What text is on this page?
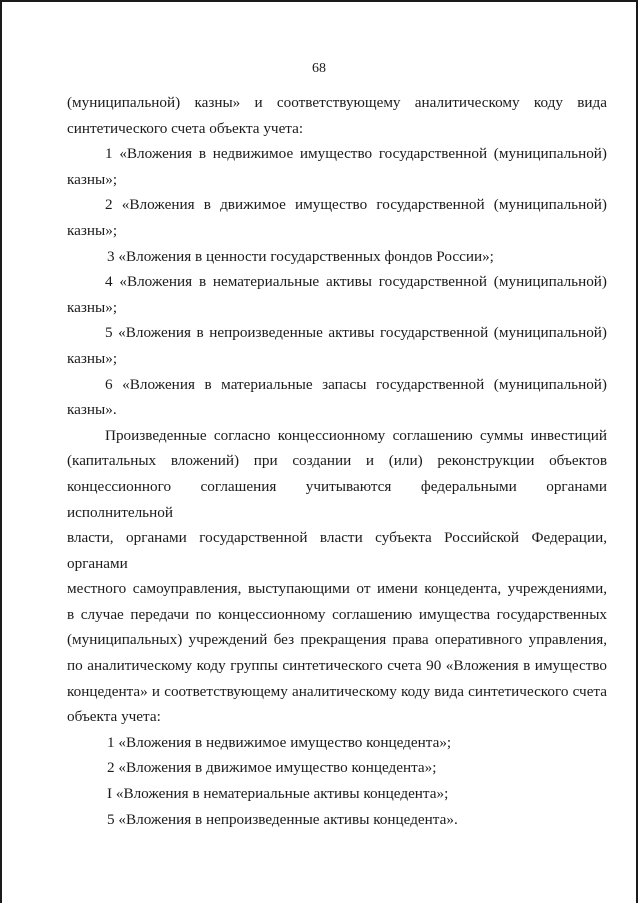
68

(муниципальной) казны» и соответствующему аналитическому коду вида

синтетического счета объекта учета:

1 «Вложения в недвижимое имущество государственной (муниципальной)

казны»;

2 «Вложения в движимое имущество государственной (муниципальной)

казны»;

3 «Вложения в ценности государственных фондов России»;

4 «Вложения в нематериальные активы государственной (муниципальной)

казны»;

5 «Вложения в непроизведенные активы государственной (муниципальной)

казны»;

6 «Вложения в материальные запасы государственной (муниципальной)

казны».

Произведенные согласно концессионному соглашению суммы инвестиций

(капитальных вложений) при создании и (или) реконструкции объектов

концессионного соглашения учитываются федеральными органами исполнительной

власти, органами государственной власти субъекта Российской Федерации, органами

местного самоуправления, выступающими от имени концедента, учреждениями,

в случае передачи по концессионному соглашению имущества государственных

(муниципальных) учреждений без прекращения права оперативного управления,

по аналитическому коду группы синтетического счета 90 «Вложения в имущество

концедента» и соответствующему аналитическому коду вида синтетического счета

объекта учета:

1 «Вложения в недвижимое имущество концедента»;

2 «Вложения в движимое имущество концедента»;

I «Вложения в нематериальные активы концедента»;

5 «Вложения в непроизведенные активы концедента».
